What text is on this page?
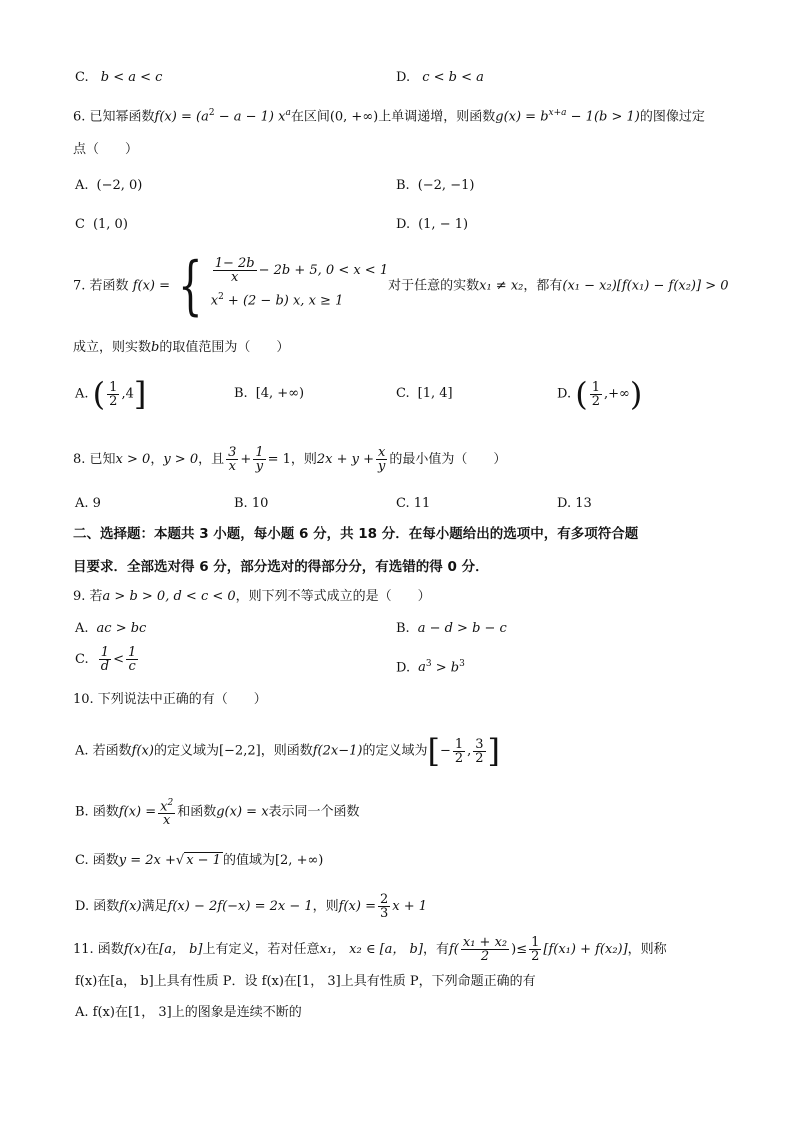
C. b < a < c	D. c < b < a
6. 已知幂函数$f(x) = (a^2 - a - 1)$ $x^a$在区间(0, +∞)上单调递增，则函数$g(x) = b^{x+a} - 1(b > 1)$的图像过定
点（　　）
A. (−2, 0)	B. (−2, −1)
C (1, 0)	D. (1, − 1)
7. 若函数 f(x) = { $\frac{1- 2b}{x} - 2b + 5$, 0 < x < 1
$x^2 + (2 - b)$ x, x ≥ 1
对于任意的实数x₁ ≠ x₂，都有(x₁ − x₂)[f(x₁) − f(x₂)] > 0
成立，则实数b的取值范围为（　　）
A. ( $\frac{1}{2} ,4$]	B. [4, +∞)	C. [1, 4]	D. ( $\frac{1}{2}$ ,+∞)
8. 已知x > 0，y > 0，且 $\frac{3}{x} + \frac{1}{y} = 1$，则$2x + y + \frac{x}{y}$ 的最小值为（　　）
A. 9	B. 10	C. 11	D. 13
二、选择题：本题共 3 小题，每小题 6 分，共 18 分．在每小题给出的选项中，有多项符合题
目要求．全部选对得 6 分，部分选对的得部分分，有选错的得 0 分．
9. 若a > b > 0, d < c < 0，则下列不等式成立的是（　　）
A. ac > bc	B. a − d > b − c
C. $\frac{1}{d} < \frac{1}{c}$	D. $a^3 > b^3$
10. 下列说法中正确的有（　　）
A. 若函数f(x)的定义域为[−2,2]，则函数f(2x−1)的定义域为[− $\frac{1}{2}$ , $\frac{3}{2}$ ]
B. 函数$f(x) = \frac{x^2}{x}$ 和函数g(x) = x表示同一个函数
C. 函数y = 2x +√ x − 1 的值域为[2, +∞)
D. 函数f(x)满足f(x) − 2f(−x) = 2x − 1，则$f(x) = \frac{2}{3}$ x + 1
11. 函数f(x)在[a， b]上有定义，若对任意x₁， x₂ ∈ [a， b]，有$f( \frac{\text{x₁ + x₂}}{2}$ )≤ $\frac{1}{2} [f(x_1) + f(x_2)]$，则称
f(x)在[a， b]上具有性质 P．设 f(x)在[1， 3]上具有性质 P，下列命题正确的有
A. f(x)在[1， 3]上的图象是连续不断的
